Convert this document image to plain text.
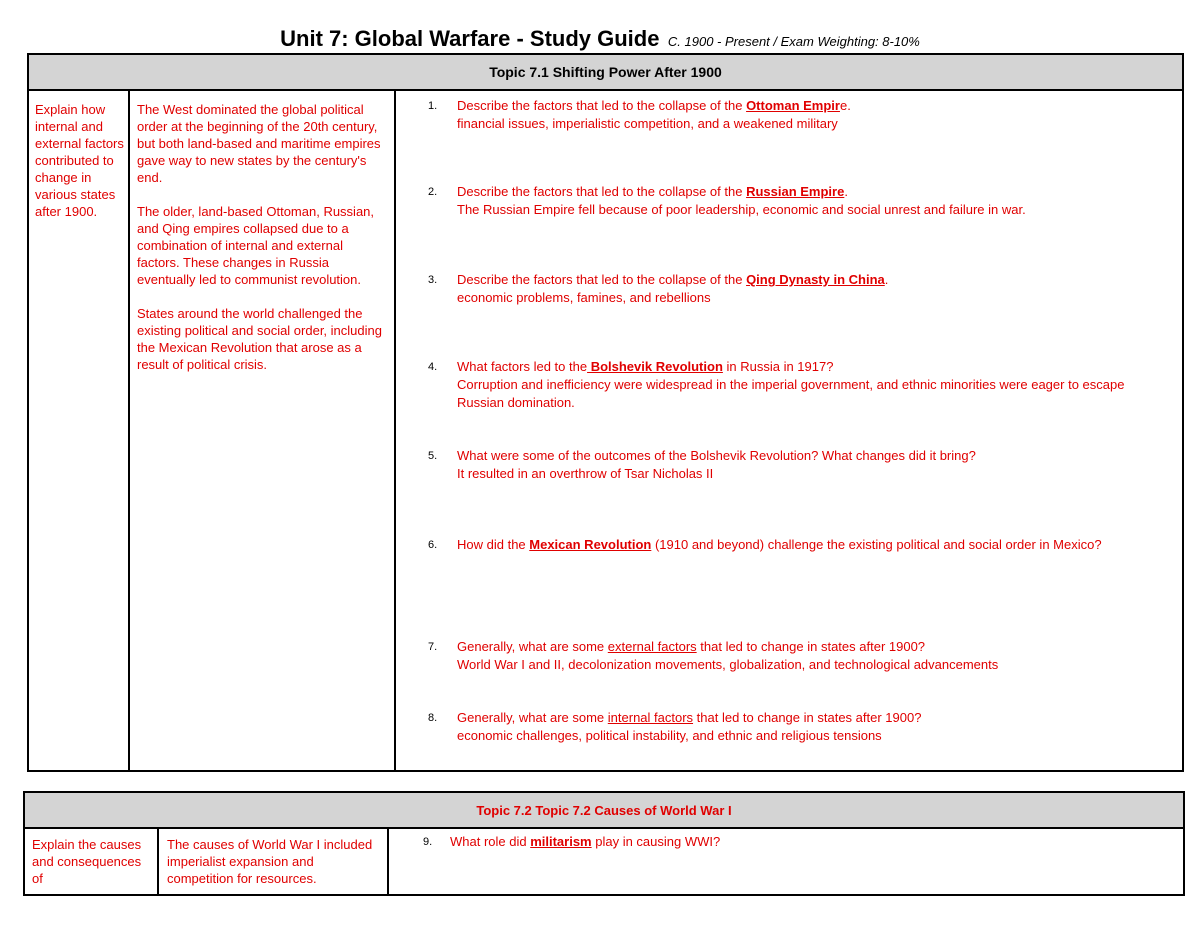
Unit 7: Global Warfare - Study Guide C. 1900 - Present / Exam Weighting: 8-10%
Topic 7.1 Shifting Power After 1900
Explain how internal and external factors contributed to change in various states after 1900.

The West dominated the global political order at the beginning of the 20th century, but both land-based and maritime empires gave way to new states by the century's end.

The older, land-based Ottoman, Russian, and Qing empires collapsed due to a combination of internal and external factors. These changes in Russia eventually led to communist revolution.

States around the world challenged the existing political and social order, including the Mexican Revolution that arose as a result of political crisis.

1. Describe the factors that led to the collapse of the Ottoman Empire.
financial issues, imperialistic competition, and a weakened military
2. Describe the factors that led to the collapse of the Russian Empire.
The Russian Empire fell because of poor leadership, economic and social unrest and failure in war.
3. Describe the factors that led to the collapse of the Qing Dynasty in China.
economic problems, famines, and rebellions
4. What factors led to the Bolshevik Revolution in Russia in 1917?
Corruption and inefficiency were widespread in the imperial government, and ethnic minorities were eager to escape Russian domination.
5. What were some of the outcomes of the Bolshevik Revolution? What changes did it bring?
It resulted in an overthrow of Tsar Nicholas II
6. How did the Mexican Revolution (1910 and beyond) challenge the existing political and social order in Mexico?
7. Generally, what are some external factors that led to change in states after 1900?
World War I and II, decolonization movements, globalization, and technological advancements
8. Generally, what are some internal factors that led to change in states after 1900?
economic challenges, political instability, and ethnic and religious tensions
Topic 7.2 Topic 7.2 Causes of World War I
Explain the causes and consequences of
The causes of World War I included imperialist expansion and competition for resources.
9. What role did militarism play in causing WWI?
